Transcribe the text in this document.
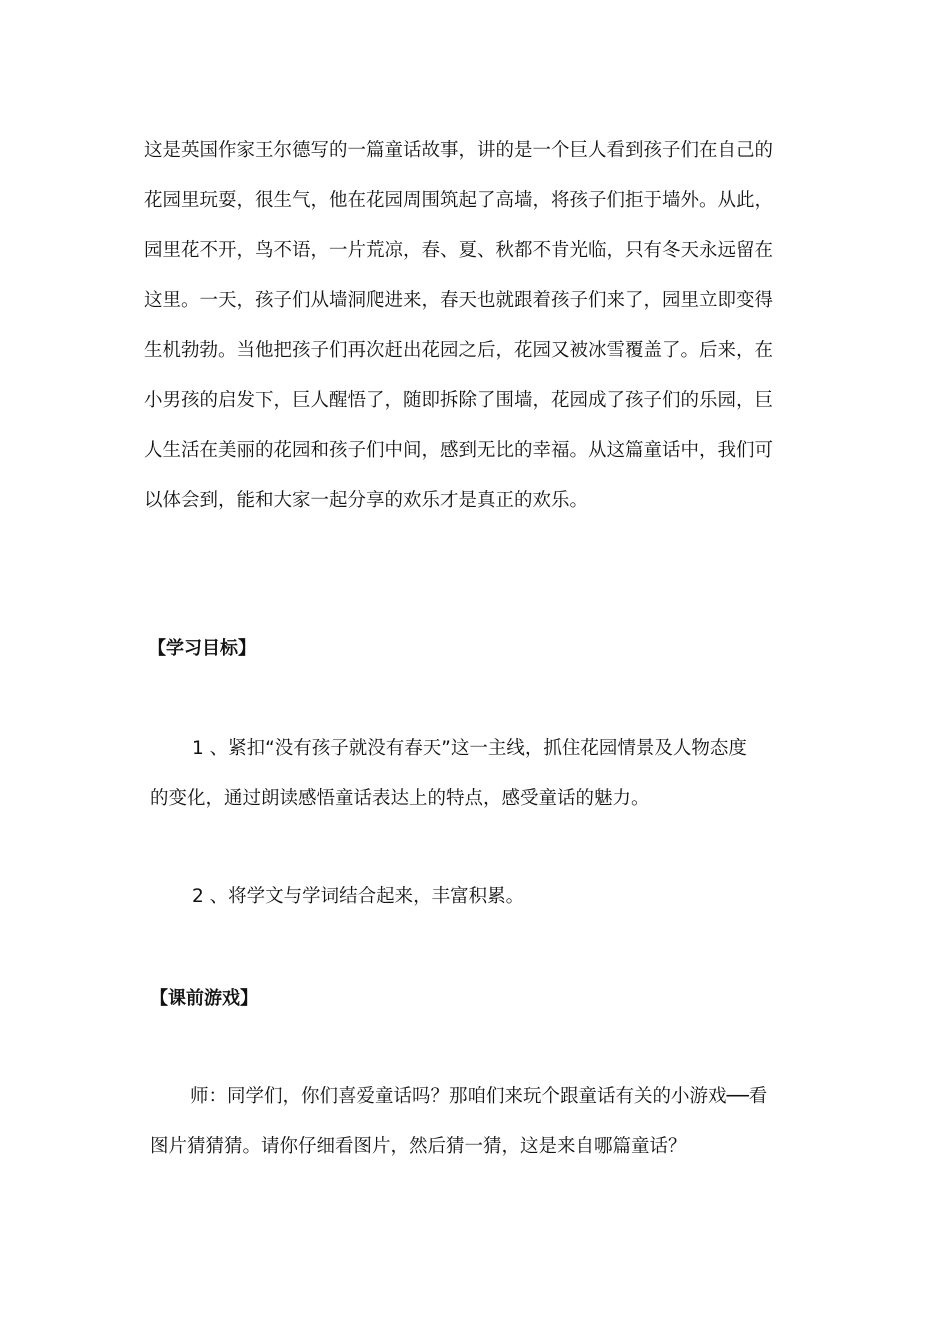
这是英国作家王尔德写的一篇童话故事，讲的是一个巨人看到孩子们在自己的
花园里玩耍，很生气，他在花园周围筑起了高墙，将孩子们拒于墙外。从此，
园里花不开，鸟不语，一片荒凉，春、夏、秋都不肯光临，只有冬天永远留在
这里。一天，孩子们从墙洞爬进来，春天也就跟着孩子们来了，园里立即变得
生机勃勃。当他把孩子们再次赶出花园之后，花园又被冰雪覆盖了。后来，在
小男孩的启发下，巨人醒悟了，随即拆除了围墙，花园成了孩子们的乐园，巨
人生活在美丽的花园和孩子们中间，感到无比的幸福。从这篇童话中，我们可
以体会到，能和大家一起分享的欢乐才是真正的欢乐。
【学习目标】
1 、紧扣“没有孩子就没有春天”这一主线，抓住花园情景及人物态度
的变化，通过朗读感悟童话表达上的特点，感受童话的魅力。
2 、将学文与学词结合起来，丰富积累。
【课前游戏】
师：同学们，你们喜爱童话吗？那咱们来玩个跟童话有关的小游戏──看
图片猜猜猜。请你仔细看图片，然后猜一猜，这是来自哪篇童话？
